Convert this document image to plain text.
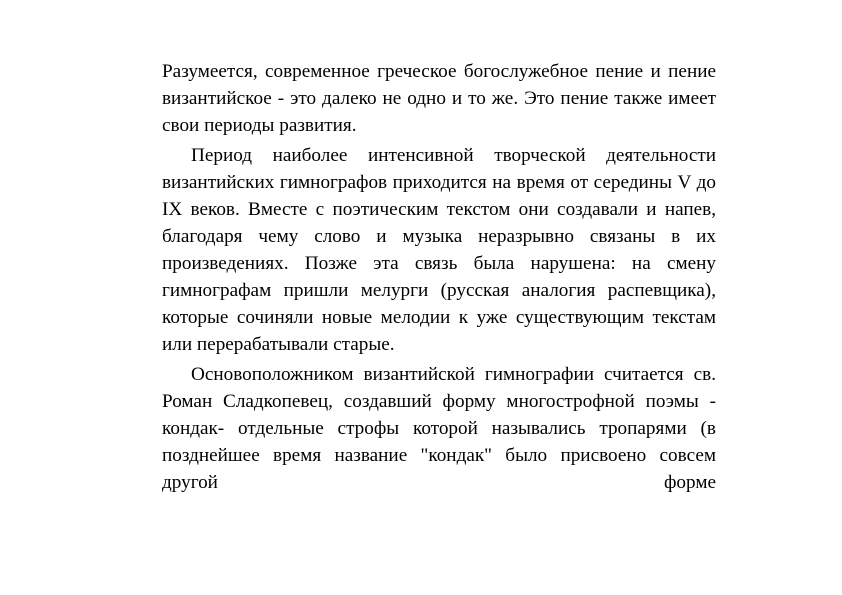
Разумеется, современное греческое богослужебное пение и пение византийское - это далеко не одно и то же. Это пение также имеет свои периоды развития.

Период наиболее интенсивной творческой деятельности византийских гимнографов приходится на время от середины V до IX веков. Вместе с поэтическим текстом они создавали и напев, благодаря чему слово и музыка неразрывно связаны в их произведениях. Позже эта связь была нарушена: на смену гимнографам пришли мелурги (русская аналогия распевщика), которые сочиняли новые мелодии к уже существующим текстам или перерабатывали старые.

Основоположником византийской гимнографии считается св. Роман Сладкопевец, создавший форму многострофной поэмы - кондак- отдельные строфы которой назывались тропарями (в позднейшее время название "кондак" было присвоено совсем другой форме
